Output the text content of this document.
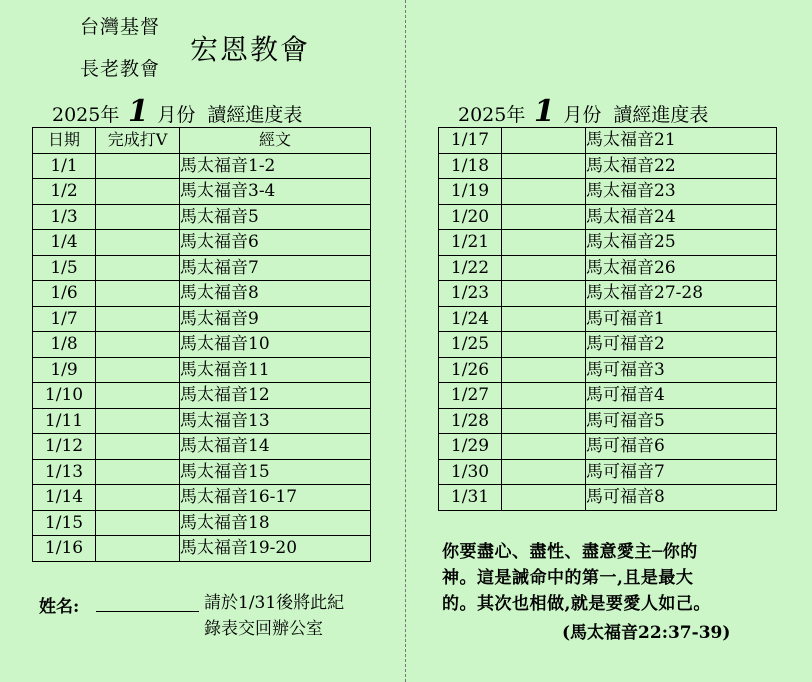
台灣基督
長老教會
宏恩教會
2025年 1 月份 讀經進度表	2025年 1 月份 讀經進度表
日期	完成打V	經文
1/1		馬太福音1-2
1/2		馬太福音3-4
1/3		馬太福音5
1/4		馬太福音6
1/5		馬太福音7
1/6		馬太福音8
1/7		馬太福音9
1/8		馬太福音10
1/9		馬太福音11
1/10		馬太福音12
1/11		馬太福音13
1/12		馬太福音14
1/13		馬太福音15
1/14		馬太福音16-17
1/15		馬太福音18
1/16		馬太福音19-20
1/17		馬太福音21
1/18		馬太福音22
1/19		馬太福音23
1/20		馬太福音24
1/21		馬太福音25
1/22		馬太福音26
1/23		馬太福音27-28
1/24		馬可福音1
1/25		馬可福音2
1/26		馬可福音3
1/27		馬可福音4
1/28		馬可福音5
1/29		馬可福音6
1/30		馬可福音7
1/31		馬可福音8
姓名:	請於1/31後將此紀
錄表交回辦公室
你要盡心、盡性、盡意愛主─你的
神。這是誡命中的第一,且是最大
的。其次也相做,就是要愛人如己。
(馬太福音22:37-39)
